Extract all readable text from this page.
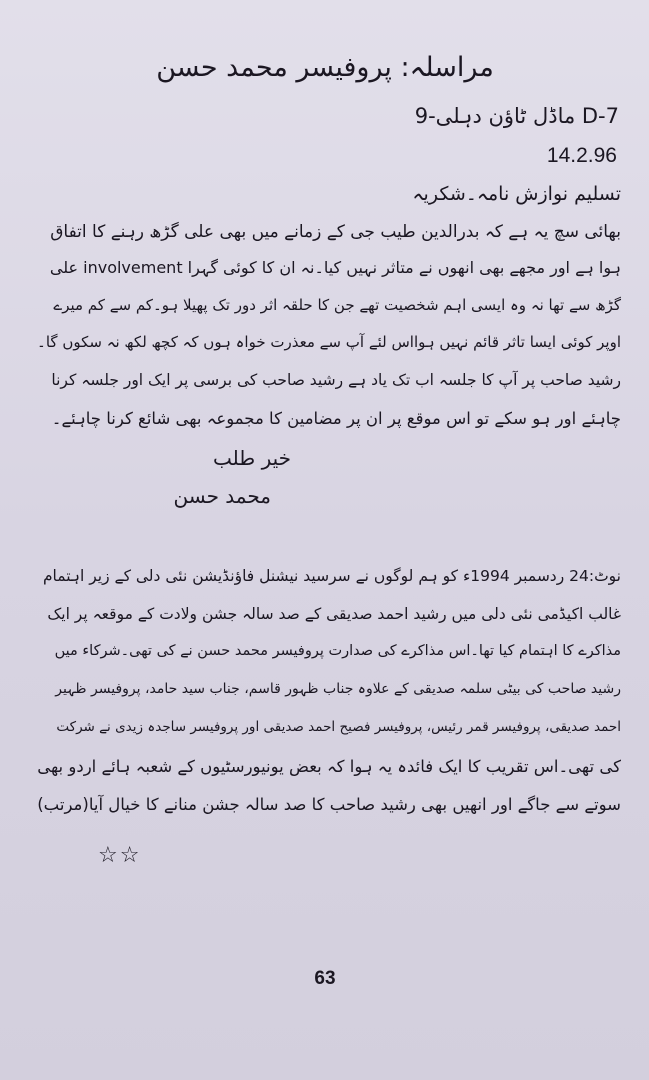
مراسلہ: پروفیسر محمد حسن
D-7 ماڈل ٹاؤن دہلی-9
14.2.96
تسلیم نوازش نامہ۔شکریہ
بھائی سچ یہ ہے کہ بدرالدین طیب جی کے زمانے میں بھی علی گڑھ رہنے کا اتفاق
ہوا ہے اور مجھے بھی انھوں نے متاثر نہیں کیا۔نہ ان کا کوئی گہرا involvement علی
گڑھ سے تھا نہ وہ ایسی اہم شخصیت تھے جن کا حلقہ اثر دور تک پھیلا ہو۔کم سے کم میرے
اوپر کوئی ایسا تاثر قائم نہیں ہوااس لئے آپ سے معذرت خواہ ہوں کہ کچھ لکھ نہ سکوں گا۔
رشید صاحب پر آپ کا جلسہ اب تک یاد ہے رشید صاحب کی برسی پر ایک اور جلسہ کرنا
چاہئے اور ہو سکے تو اس موقع پر ان پر مضامین کا مجموعہ بھی شائع کرنا چاہئے۔
خیر طلب
محمد حسن
نوٹ:24 ردسمبر 1994ء کو ہم لوگوں نے سرسید نیشنل فاؤنڈیشن نئی دلی کے زیر اہتمام
غالب اکیڈمی نئی دلی میں رشید احمد صدیقی کے صد سالہ جشن ولادت کے موقعہ پر ایک
مذاکرے کا اہتمام کیا تھا۔اس مذاکرے کی صدارت پروفیسر محمد حسن نے کی تھی۔شرکاء میں
رشید صاحب کی بیٹی سلمہ صدیقی کے علاوہ جناب ظہور قاسم، جناب سید حامد، پروفیسر ظہیر
احمد صدیقی، پروفیسر قمر رئیس، پروفیسر فصیح احمد صدیقی اور پروفیسر ساجدہ زیدی نے شرکت
کی تھی۔اس تقریب کا ایک فائدہ یہ ہوا کہ بعض یونیورسٹیوں کے شعبہ ہائے اردو بھی
سوتے سے جاگے اور انھیں بھی رشید صاحب کا صد سالہ جشن منانے کا خیال آیا(مرتب)
☆☆
63
